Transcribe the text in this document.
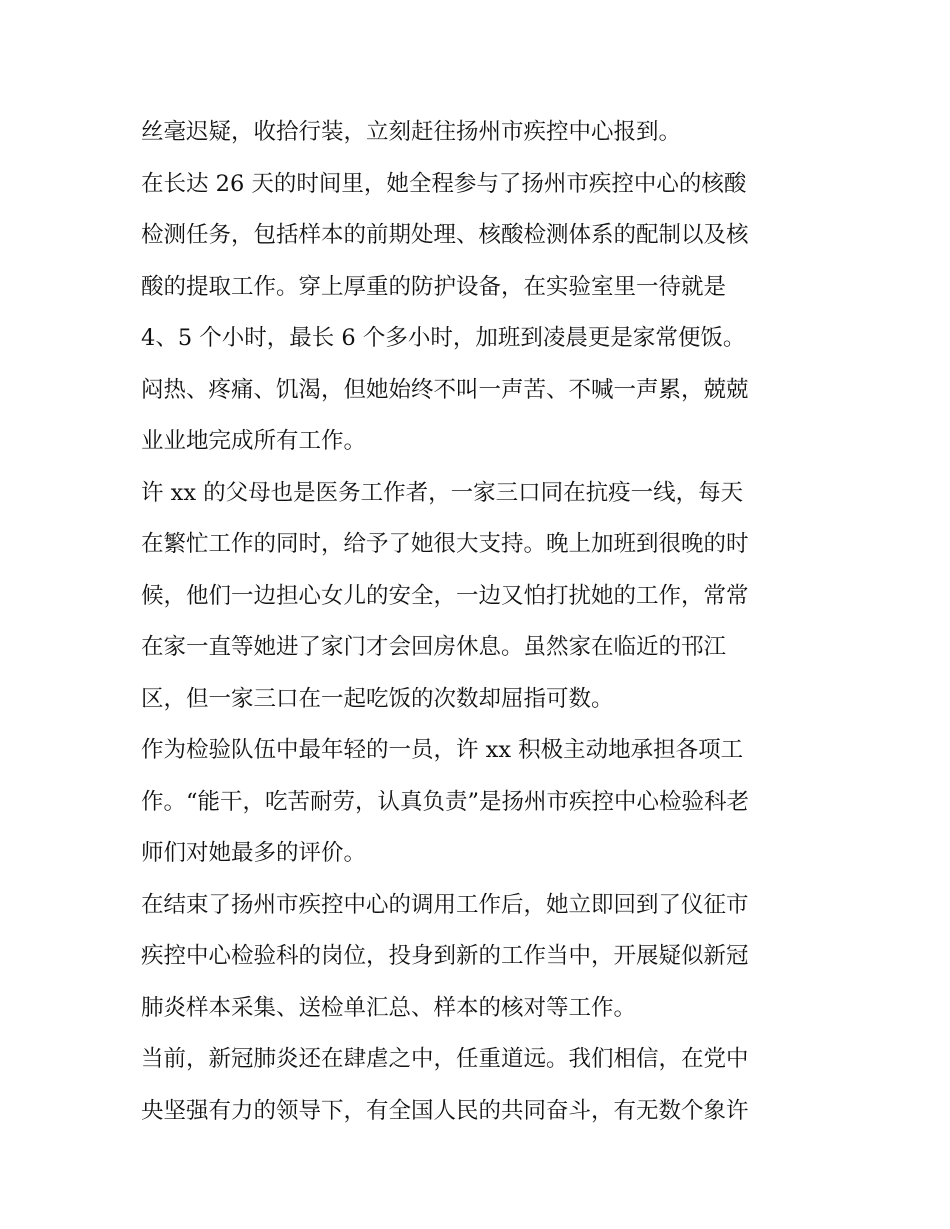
丝毫迟疑，收拾行装，立刻赶往扬州市疾控中心报到。
在长达 26 天的时间里，她全程参与了扬州市疾控中心的核酸
检测任务，包括样本的前期处理、核酸检测体系的配制以及核
酸的提取工作。穿上厚重的防护设备，在实验室里一待就是
4、5 个小时，最长 6 个多小时，加班到凌晨更是家常便饭。
闷热、疼痛、饥渴，但她始终不叫一声苦、不喊一声累，兢兢
业业地完成所有工作。
许 xx 的父母也是医务工作者，一家三口同在抗疫一线，每天
在繁忙工作的同时，给予了她很大支持。晚上加班到很晚的时
候，他们一边担心女儿的安全，一边又怕打扰她的工作，常常
在家一直等她进了家门才会回房休息。虽然家在临近的邗江
区，但一家三口在一起吃饭的次数却屈指可数。
作为检验队伍中最年轻的一员，许 xx 积极主动地承担各项工
作。“能干，吃苦耐劳，认真负责”是扬州市疾控中心检验科老
师们对她最多的评价。
在结束了扬州市疾控中心的调用工作后，她立即回到了仪征市
疾控中心检验科的岗位，投身到新的工作当中，开展疑似新冠
肺炎样本采集、送检单汇总、样本的核对等工作。
当前，新冠肺炎还在肆虐之中，任重道远。我们相信，在党中
央坚强有力的领导下，有全国人民的共同奋斗，有无数个象许
